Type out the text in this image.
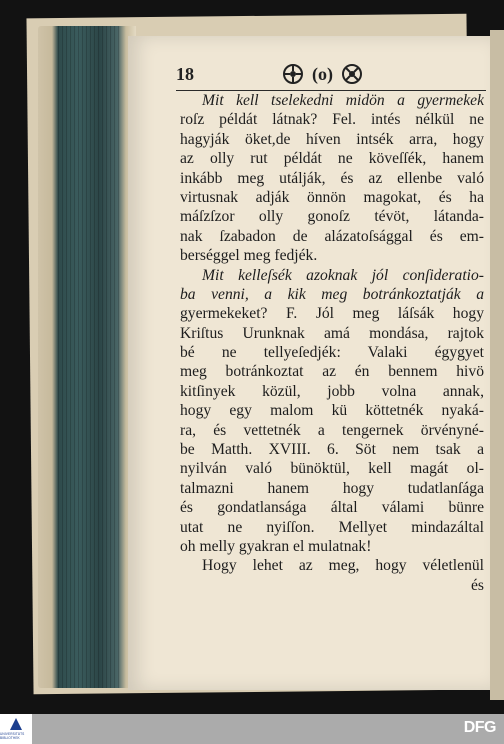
18	(o)
Mit kell tselekedni midön a gyermekek
roſz példát látnak? Fel. intés nélkül ne
hagyják öket,de híven intsék arra, hogy
az olly rut példát ne köveſſék, hanem
inkább meg utálják, és az ellenbe való
virtusnak adják önnön magokat, és ha
máſzſzor olly gonoſz tévöt, látanda-
nak ſzabadon de alázatoſsággal és em-
berséggel meg fedjék.
Mit kelleſsék azoknak jól conſideratio-
ba venni, a kik meg botránkoztatják a
gyermekeket? F. Jól meg láſsák hogy
Kriſtus Urunknak amá mondása, rajtok
bé ne tellyeſedjék: Valaki égygyet
meg botránkoztat az én bennem hivö
kitſinyek közül, jobb volna annak,
hogy egy malom kü köttetnék nyaká-
ra, és vettetnék a tengernek örvényné-
be Matth. XVIII. 6. Söt nem tsak a
nyilván való bünöktül, kell magát ol-
talmazni hanem hogy tudatlanſága
és gondatlansága által válami bünre
utat ne nyiſſon. Mellyet mindazáltal
oh melly gyakran el mulatnak!
Hogy lehet az meg, hogy véletlenül
és
UNIVERSITÄTS BIBLIOTHEK
DFG
